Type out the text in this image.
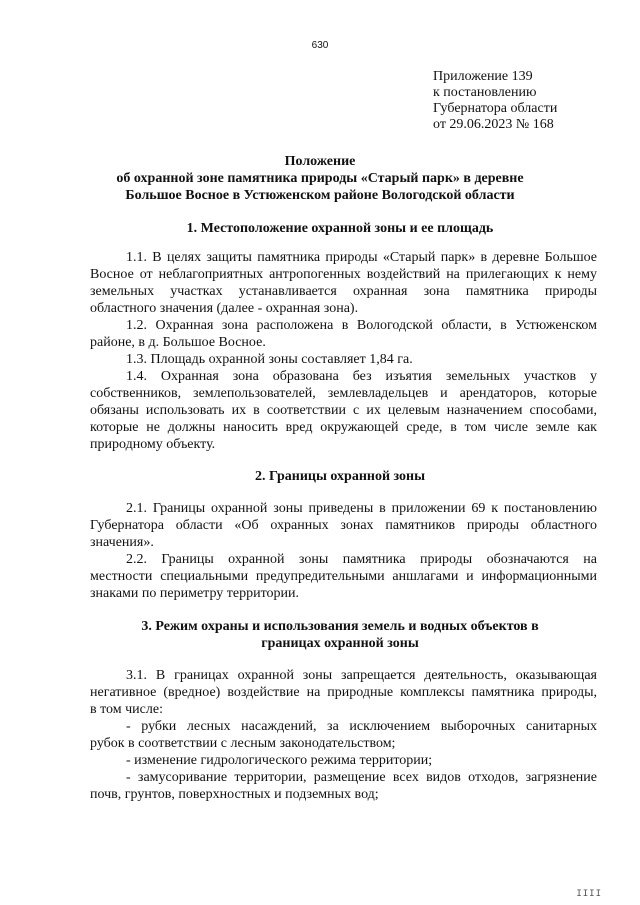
630
Приложение 139
к постановлению
Губернатора области
от 29.06.2023 № 168
Положение
об охранной зоне памятника природы «Старый парк» в деревне
Большое Восное в Устюженском районе Вологодской области
1. Местоположение охранной зоны и ее площадь
1.1. В целях защиты памятника природы «Старый парк» в деревне Большое
Восное от неблагоприятных антропогенных воздействий на прилегающих к нему
земельных участках устанавливается охранная зона памятника природы
областного значения (далее - охранная зона).
1.2. Охранная зона расположена в Вологодской области, в Устюженском
районе, в д. Большое Восное.
1.3. Площадь охранной зоны составляет 1,84 га.
1.4. Охранная зона образована без изъятия земельных участков у
собственников, землепользователей, землевладельцев и арендаторов, которые
обязаны использовать их в соответствии с их целевым назначением способами,
которые не должны наносить вред окружающей среде, в том числе земле как
природному объекту.
2. Границы охранной зоны
2.1. Границы охранной зоны приведены в приложении 69 к постановлению
Губернатора области «Об охранных зонах памятников природы областного
значения».
2.2. Границы охранной зоны памятника природы обозначаются на
местности специальными предупредительными аншлагами и информационными
знаками по периметру территории.
3. Режим охраны и использования земель и водных объектов в
границах охранной зоны
3.1. В границах охранной зоны запрещается деятельность, оказывающая
негативное (вредное) воздействие на природные комплексы памятника природы,
в том числе:
- рубки лесных насаждений, за исключением выборочных санитарных
рубок в соответствии с лесным законодательством;
- изменение гидрологического режима территории;
- замусоривание территории, размещение всех видов отходов, загрязнение
почв, грунтов, поверхностных и подземных вод;
IIII
